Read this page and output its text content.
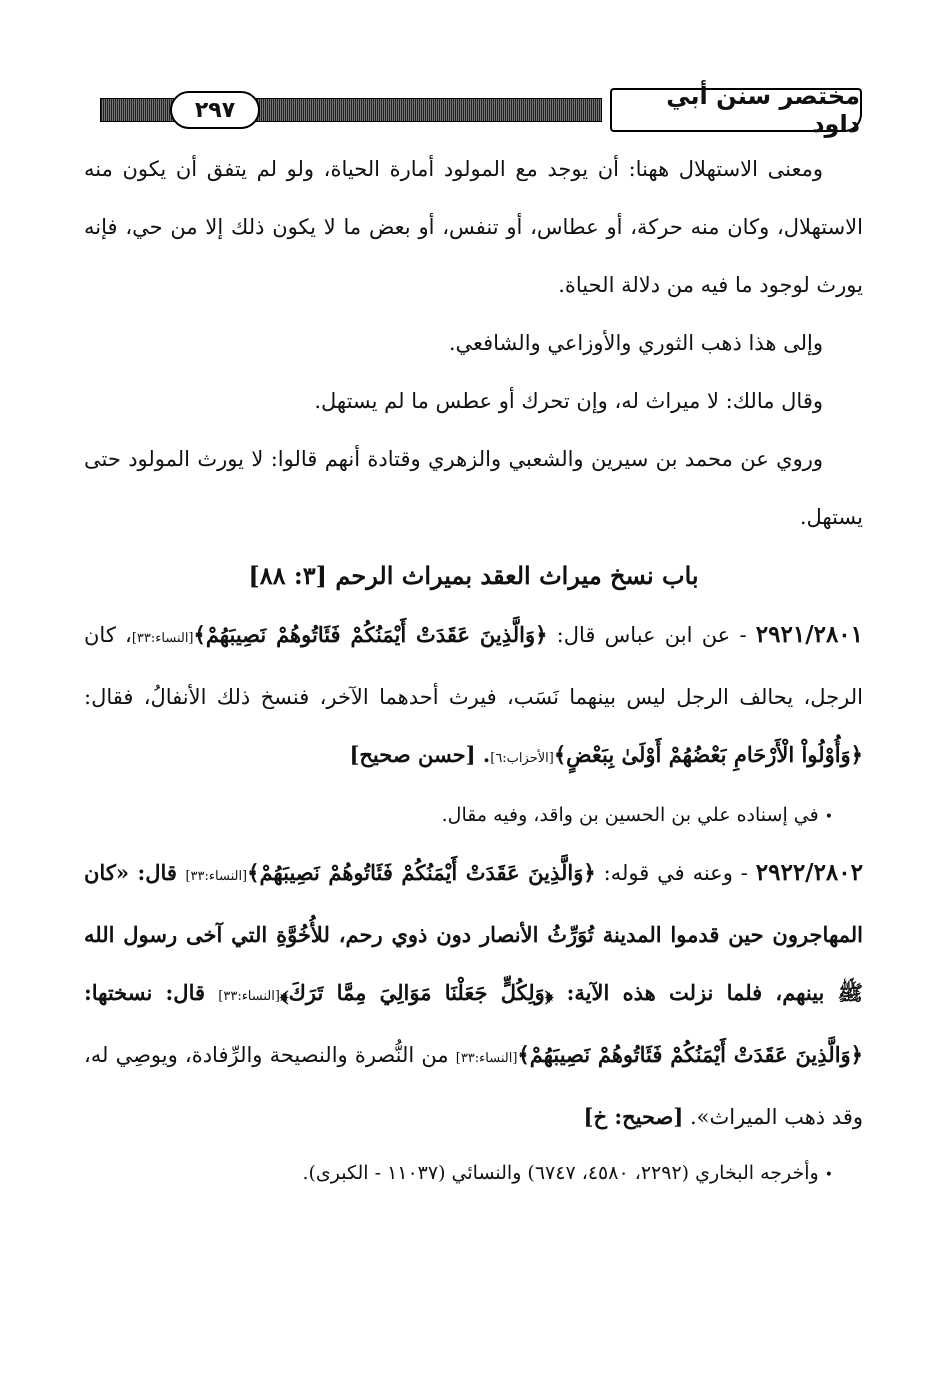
٢٩٧	مختصر سنن أبي داود

ومعنى الاستهلال ههنا: أن يوجد مع المولود أمارة الحياة، ولو لم يتفق أن يكون منه الاستهلال، وكان منه حركة، أو عطاس، أو تنفس، أو بعض ما لا يكون ذلك إلا من حي، فإنه يورث لوجود ما فيه من دلالة الحياة.

وإلى هذا ذهب الثوري والأوزاعي والشافعي.

وقال مالك: لا ميراث له، وإن تحرك أو عطس ما لم يستهل.

وروي عن محمد بن سيرين والشعبي والزهري وقتادة أنهم قالوا: لا يورث المولود حتى يستهل.

باب نسخ ميراث العقد بميراث الرحم [٣: ٨٨]

٢٩٢١/٢٨٠١ - عن ابن عباس قال: ﴿وَالَّذِينَ عَقَدَتْ أَيْمَنُكُمْ فَئَاتُوهُمْ نَصِيبَهُمْ﴾[النساء:٣٣]، كان الرجل، يحالف الرجل ليس بينهما نَسَب، فيرث أحدهما الآخر، فنسخ ذلك الأنفالُ، فقال: ﴿وَأُوْلُواْ الْأَرْحَامِ بَعْضُهُمْ أَوْلَىٰ بِبَعْضٍ﴾[الأحزاب:٦]. [حسن صحيح]

• في إسناده علي بن الحسين بن واقد، وفيه مقال.

٢٩٢٢/٢٨٠٢ - وعنه في قوله: ﴿وَالَّذِينَ عَقَدَتْ أَيْمَنُكُمْ فَئَاتُوهُمْ نَصِيبَهُمْ﴾[النساء:٣٣] قال: «كان المهاجرون حين قدموا المدينة تُوَرِّثُ الأنصار دون ذوي رحم، للأُخُوَّةِ التي آخى رسول الله ﷺ بينهم، فلما نزلت هذه الآية: ﴿وَلِكُلٍّ جَعَلْنَا مَوَالِيَ مِمَّا تَرَكَ﴾[النساء:٣٣] قال: نسختها: ﴿وَالَّذِينَ عَقَدَتْ أَيْمَنُكُمْ فَئَاتُوهُمْ نَصِيبَهُمْ﴾[النساء:٣٣] من النُّصرة والنصيحة والرِّفادة، ويوصِي له، وقد ذهب الميراث». [صحيح: خ]

• وأخرجه البخاري (٢٢٩٢، ٤٥٨٠، ٦٧٤٧) والنسائي (١١٠٣٧ - الكبرى).
